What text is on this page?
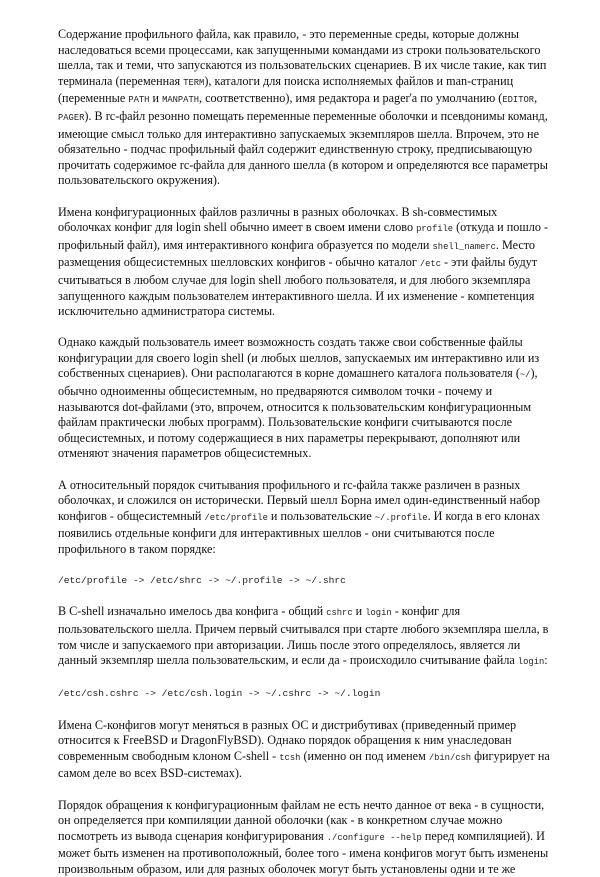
Содержание профильного файла, как правило, - это переменные среды, которые должны наследоваться всеми процессами, как запущенными командами из строки пользовательского шелла, так и теми, что запускаются из пользовательских сценариев. В их числе такие, как тип терминала (переменная TERM), каталоги для поиска исполняемых файлов и man-страниц (переменные PATH и MANPATH, соответственно), имя редактора и pager'а по умолчанию (EDITOR, PAGER). В rc-файл резонно помещать переменные переменные оболочки и псевдонимы команд, имеющие смысл только для интерактивно запускаемых экземпляров шелла. Впрочем, это не обязательно - подчас профильный файл содержит единственную строку, предписывающую прочитать содержимое rc-файла для данного шелла (в котором и определяются все параметры пользовательского окружения).

Имена конфигурационных файлов различны в разных оболочках. В sh-совместимых оболочках конфиг для login shell обычно имеет в своем имени слово profile (откуда и пошло - профильный файл), имя интерактивного конфига образуется по модели shell_namerc. Место размещения общесистемных шелловских конфигов - обычно каталог /etc - эти файлы будут считываться в любом случае для login shell любого пользователя, и для любого экземпляра запущенного каждым пользователем интерактивного шелла. И их изменение - компетенция исключительно администратора системы.

Однако каждый пользователь имеет возможность создать также свои собственные файлы конфигурации для своего login shell (и любых шеллов, запускаемых им интерактивно или из собственных сценариев). Они располагаются в корне домашнего каталога пользователя (~/), обычно одноименны общесистемным, но предваряются символом точки - почему и называются dot-файлами (это, впрочем, относится к пользовательским конфигурационным файлам практически любых программ). Пользовательские конфиги считываются после общесистемных, и потому содержащиеся в них параметры перекрывают, дополняют или отменяют значения параметров общесистемных.

А относительный порядок считывания профильного и rc-файла также различен в разных оболочках, и сложился он исторически. Первый шелл Борна имел один-единственный набор конфигов - общесистемный /etc/profile и пользовательские ~/.profile. И когда в его клонах появились отдельные конфиги для интерактивных шеллов - они считываются после профильного в таком порядке:

/etc/profile -> /etc/shrc -> ~/.profile -> ~/.shrc

В C-shell изначально имелось два конфига - общий cshrc и login - конфиг для пользовательского шелла. Причем первый считывался при старте любого экземпляра шелла, в том числе и запускаемого при авторизации. Лишь после этого определялось, является ли данный экземпляр шелла пользовательским, и если да - происходило считывание файла login:

/etc/csh.cshrc -> /etc/csh.login -> ~/.cshrc -> ~/.login

Имена C-конфигов могут меняться в разных ОС и дистрибутивах (приведенный пример относится к FreeBSD и DragonFlyBSD). Однако порядок обращения к ним унаследован современным свободным клоном C-shell - tcsh (именно он под именем /bin/csh фигурирует на самом деле во всех BSD-системах).

Порядок обращения к конфигурационным файлам не есть нечто данное от века - в сущности, он определяется при компиляции данной оболочки (как - в конкретном случае можно посмотреть из вывода сценария конфигурирования ./configure --help перед компиляцией). И может быть изменен на противоположный, более того - имена конфигов могут быть изменены произвольным образом, или для разных оболочек могут быть установлены одни и те же
